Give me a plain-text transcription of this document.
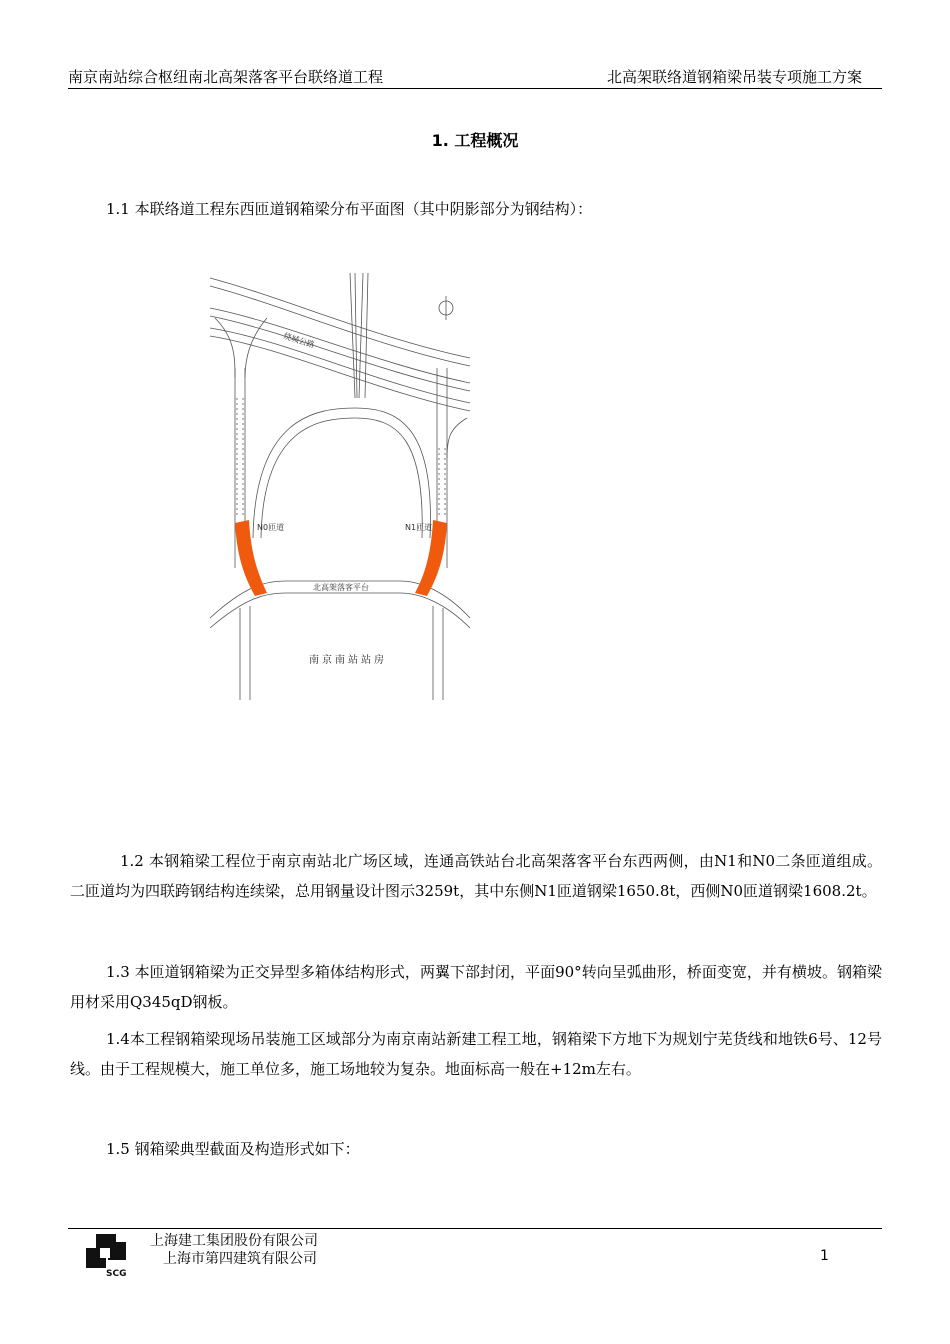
南京南站综合枢纽南北高架落客平台联络道工程	北高架联络道钢箱梁吊装专项施工方案
1. 工程概况
1.1 本联络道工程东西匝道钢箱梁分布平面图（其中阴影部分为钢结构）：
绕城公路
N0匝道	N1匝道
北高架落客平台
南京南站站房
1.2 本钢箱梁工程位于南京南站北广场区域，连通高铁站台北高架落客平台东西两侧，由N1和N0二条匝道组成。二匝道均为四联跨钢结构连续梁，总用钢量设计图示3259t，其中东侧N1匝道钢梁1650.8t，西侧N0匝道钢梁1608.2t。
1.3 本匝道钢箱梁为正交异型多箱体结构形式，两翼下部封闭，平面90°转向呈弧曲形，桥面变宽，并有横坡。钢箱梁用材采用Q345qD钢板。
1.4本工程钢箱梁现场吊装施工区域部分为南京南站新建工程工地，钢箱梁下方地下为规划宁芜货线和地铁6号、12号线。由于工程规模大，施工单位多，施工场地较为复杂。地面标高一般在+12m左右。
1.5 钢箱梁典型截面及构造形式如下：
SCG
上海建工集团股份有限公司
上海市第四建筑有限公司	1
